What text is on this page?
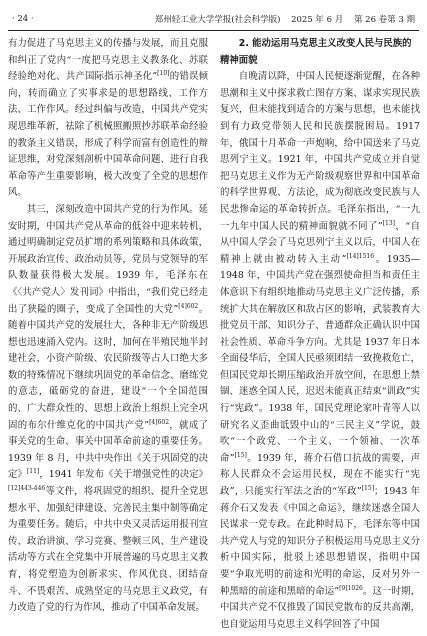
· 24 ·	郑州轻工业大学学报(社会科学版) 2025 年 6 月 第 26 卷第 3 期

有力促进了马克思主义的传播与发展，而且克服和纠正了党内“一度把马克思主义教条化、苏联经验绝对化、共产国际指示神圣化”[10]的错误倾向，转而确立了实事求是的思想路线、工作方法、工作作风。经过纠偏与改造，中国共产党实现思维革新，祛除了机械照搬照抄苏联革命经验的教条主义错误，形成了科学而富有创造性的辩证思维，对党深刻剖析中国革命问题、进行自我革命等产生重要影响，极大改变了全党的思想作风。

其三，深刻改造中国共产党的行为作风。延安时期，中国共产党从革命的低谷中迎来转机，通过明确制定党员扩增的系列策略和具体政策，开展政治宣传、政治动员等，党员与党领导的军队数量获得极大发展。1939 年，毛泽东在《〈共产党人〉发刊词》中指出，“我们党已经走出了狭隘的圈子，变成了全国性的大党”$^{[4]602}$。随着中国共产党的发展壮大，各种非无产阶级思想也迅速涌入党内。这时，加何在半殖民地半封建社会，小资产阶级、农民阶级等占人口绝大多数的特殊情况下继续巩固党的革命信念、磨练党的意志，砥砺党的奋进，建设“一个全国范围的、广大群众性的、思想上政治上组织上完全巩固的布尔什维克化的中国共产党”$^{[4]602}$，就成了事关党的生命、事关中国革命前途的重要任务。1939 年 8 月，中共中央作出《关于巩固党的决定》[11]，1941 年发布《关于增强党性的决定》$^{[12]443-446}$等文件，将巩固党的组织、提升全党思想水平、加强纪律建设、完善民主集中制等确定为重要任务。随后，中共中央又灵活运用报刊宣传、政治讲演、学习竞赛、整顿三风、生产建设活动等方式在全党集中开展普遍的马克思主义教育，将党塑造为创新求实、作风优良、团结奋斗、不畏艰苦、成熟坚定的马克思主义政党，有力改造了党的行为作风，推动了中国革命发展。

2. 能动运用马克思主义改变人民与民族的
精神面貌

自晚清以降，中国人民便逐渐觉醒，在各种思潮和主义中探求救亡图存方案、谋求实现民族复兴，但未能找到适合的方案与思想，也未能找到有力政党带领人民和民族摆脱困局。1917 年，俄国十月革命一声炮响，给中国送来了马克思列宁主义。1921 年，中国共产党成立并自觉把马克思主义作为无产阶级观察世界和中国革命的科学世界观、方法论，成为彻底改变民族与人民悲惨命运的革命转折点。毛泽东指出，“一九一九年中国人民的精神面貌就不同了”[13]，“自从中国人学会了马克思列宁主义以后，中国人在精神上就由被动转入主动”$^{[14]1516}$。1935—1948 年，中国共产党在强烈使命担当和责任主体意识下有组织地推动马克思主义广泛传播，系统扩大其在解放区和敌占区的影响，武装教育大批党员干部、知识分子、普通群众正确认识中国社会性质、革命斗争方向。尤其是 1937 年日本全面侵华后，全国人民亟须团结一致挽救危亡，但国民党却长期压缩政治开放空间，在思想上禁锢、迷惑全国人民，迟迟未能真正结束“训政”实行“宪政”。1938 年，国民党理论家叶青等人以研究名义歪曲诋毁中山的“三民主义”学说，鼓吹“一个政党、一个主义、一个领袖、一次革命”[15]。1939 年，蒋介石借口抗战的需要，声称人民群众不会运用民权，现在不能实行“宪政”，只能实行军法之治的“军政”[15]；1943 年蒋介石又发表《中国之命运》，继续迷惑全国人民谋求一党专政。在此种时局下，毛泽东等中国共产党人与党的知识分子积极运用马克思主义分析中国实际，批驳上述思想错误，指明中国要“争取光明的前途和光明的命运，反对另外一种黑暗的前途和黑暗的命运”$^{[9]1026}$。这一时期，中国共产党不仅推毁了国民党散布的反共高潮，也自觉运用马克思主义科学回答了中国
